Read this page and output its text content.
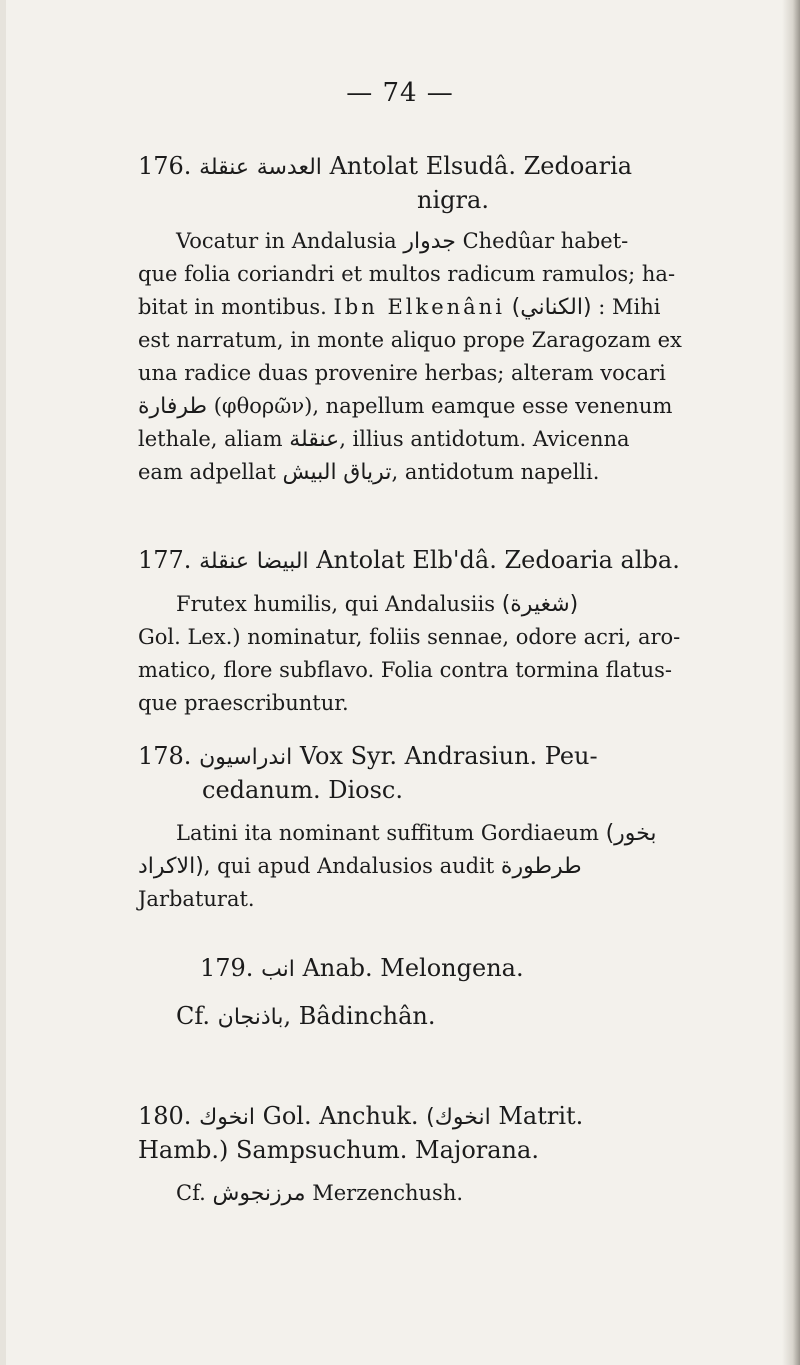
— 74 —
176.	العدسة عنقلة	Antolat Elsudâ. Zedoaria
nigra.
Vocatur in Andalusia جدوار Chedûar habet-
que folia coriandri et multos radicum ramulos; ha-
bitat in montibus. Ibn Elkenâni (الكناني) : Mihi
est narratum, in monte aliquo prope Zaragozam ex
una radice duas provenire herbas; alteram vocari
طرفارة (φθορῶν), napellum eamque esse venenum
lethale, aliam عنقلة, illius antidotum. Avicenna
eam adpellat	ترياق البيش	, antidotum napelli.
177.	البيضا عنقلة	Antolat Elb'dâ. Zedoaria alba.
Frutex humilis, qui Andalusiis (شغيرة)
Gol. Lex.) nominatur, foliis sennae, odore acri, aro-
matico, flore subflavo. Folia contra tormina flatus-
que praescribuntur.
178. اندراسيون Vox Syr. Andrasiun. Peu-
cedanum. Diosc.
Latini ita nominant suffitum Gordiaeum (بخور
الاكراد), qui apud Andalusios audit طرطورة
Jarbaturat.
179. انب Anab. Melongena.
Cf. باذنجان, Bâdinchân.
180. انخوك Gol. Anchuk. (انخوك Matrit.
Hamb.) Sampsuchum. Majorana.
Cf. مرزنجوش Merzenchush.
